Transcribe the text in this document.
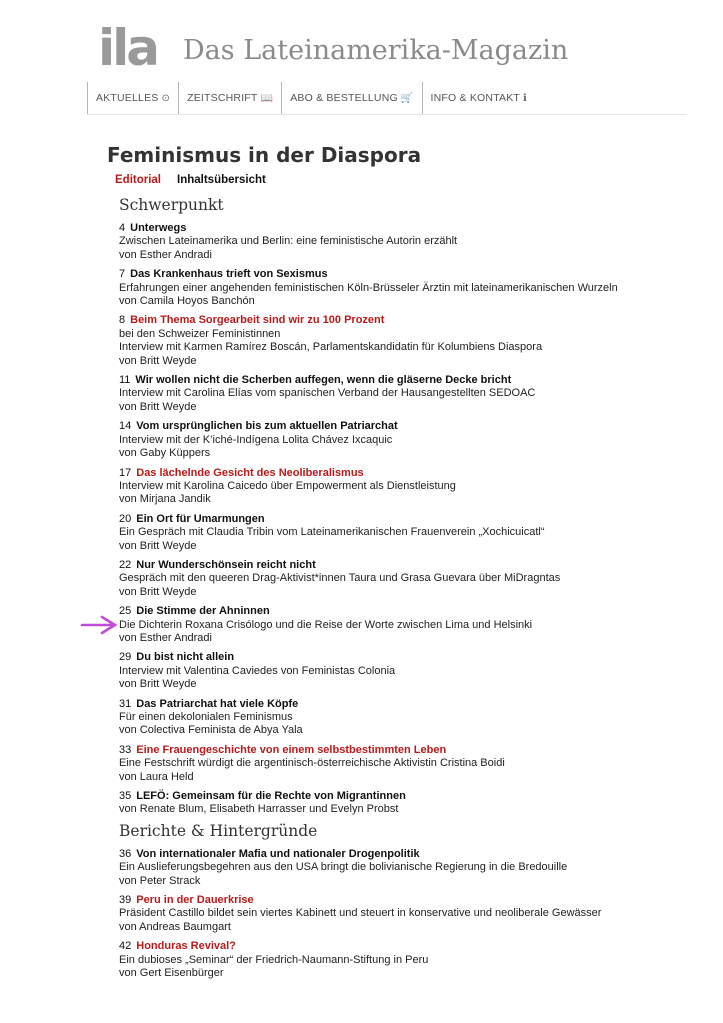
ila Das Lateinamerika-Magazin
AKTUELLES ⊙ ZEITSCHRIFT 📖 ABO & BESTELLUNG 🛒 INFO & KONTAKT ℹ
Feminismus in der Diaspora
Editorial Inhaltsübersicht
Schwerpunkt
4 Unterwegs
Zwischen Lateinamerika und Berlin: eine feministische Autorin erzählt
von Esther Andradi
7 Das Krankenhaus trieft von Sexismus
Erfahrungen einer angehenden feministischen Köln-Brüsseler Ärztin mit lateinamerikanischen Wurzeln
von Camila Hoyos Banchón
8 Beim Thema Sorgearbeit sind wir zu 100 Prozent
bei den Schweizer Feministinnen
Interview mit Karmen Ramírez Boscán, Parlamentskandidatin für Kolumbiens Diaspora
von Britt Weyde
11 Wir wollen nicht die Scherben auffegen, wenn die gläserne Decke bricht
Interview mit Carolina Elías vom spanischen Verband der Hausangestellten SEDOAC
von Britt Weyde
14 Vom ursprünglichen bis zum aktuellen Patriarchat
Interview mit der K’iché-Indígena Lolita Chávez Ixcaquic
von Gaby Küppers
17 Das lächelnde Gesicht des Neoliberalismus
Interview mit Karolina Caicedo über Empowerment als Dienstleistung
von Mirjana Jandik
20 Ein Ort für Umarmungen
Ein Gespräch mit Claudia Tribin vom Lateinamerikanischen Frauenverein „Xochicuicatl“
von Britt Weyde
22 Nur Wunderschönsein reicht nicht
Gespräch mit den queeren Drag-Aktivist*innen Taura und Grasa Guevara über MiDragntas
von Britt Weyde
25 Die Stimme der Ahninnen
Die Dichterin Roxana Crisólogo und die Reise der Worte zwischen Lima und Helsinki
von Esther Andradi
29 Du bist nicht allein
Interview mit Valentina Caviedes von Feministas Colonia
von Britt Weyde
31 Das Patriarchat hat viele Köpfe
Für einen dekolonialen Feminismus
von Colectiva Feminista de Abya Yala
33 Eine Frauengeschichte von einem selbstbestimmten Leben
Eine Festschrift würdigt die argentinisch-österreichische Aktivistin Cristina Boidi
von Laura Held
35 LEFÖ: Gemeinsam für die Rechte von Migrantinnen
von Renate Blum, Elisabeth Harrasser und Evelyn Probst
Berichte & Hintergründe
36 Von internationaler Mafia und nationaler Drogenpolitik
Ein Auslieferungsbegehren aus den USA bringt die bolivianische Regierung in die Bredouille
von Peter Strack
39 Peru in der Dauerkrise
Präsident Castillo bildet sein viertes Kabinett und steuert in konservative und neoliberale Gewässer
von Andreas Baumgart
42 Honduras Revival?
Ein dubioses „Seminar“ der Friedrich-Naumann-Stiftung in Peru
von Gert Eisenbürger
